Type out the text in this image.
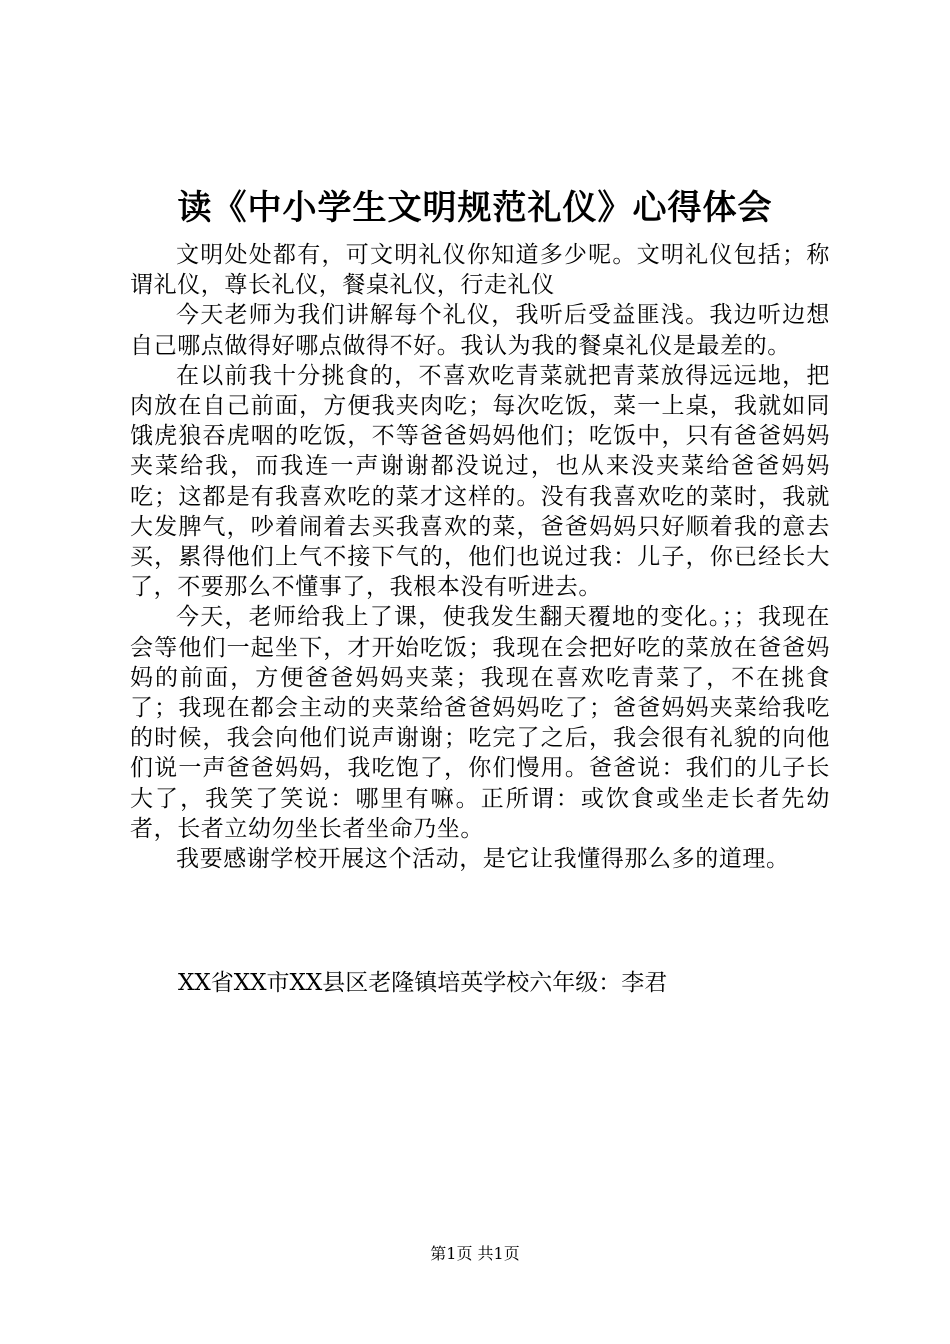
读《中小学生文明规范礼仪》心得体会

文明处处都有，可文明礼仪你知道多少呢。文明礼仪包括；称谓礼仪，尊长礼仪，餐桌礼仪，行走礼仪

今天老师为我们讲解每个礼仪，我听后受益匪浅。我边听边想自己哪点做得好哪点做得不好。我认为我的餐桌礼仪是最差的。

在以前我十分挑食的，不喜欢吃青菜就把青菜放得远远地，把肉放在自己前面，方便我夹肉吃；每次吃饭，菜一上桌，我就如同饿虎狼吞虎咽的吃饭，不等爸爸妈妈他们；吃饭中，只有爸爸妈妈夹菜给我，而我连一声谢谢都没说过，也从来没夹菜给爸爸妈妈吃；这都是有我喜欢吃的菜才这样的。没有我喜欢吃的菜时，我就大发脾气，吵着闹着去买我喜欢的菜，爸爸妈妈只好顺着我的意去买，累得他们上气不接下气的，他们也说过我：儿子，你已经长大了，不要那么不懂事了，我根本没有听进去。

今天，老师给我上了课，使我发生翻天覆地的变化。；；我现在会等他们一起坐下，才开始吃饭；我现在会把好吃的菜放在爸爸妈妈的前面，方便爸爸妈妈夹菜；我现在喜欢吃青菜了，不在挑食了；我现在都会主动的夹菜给爸爸妈妈吃了；爸爸妈妈夹菜给我吃的时候，我会向他们说声谢谢；吃完了之后，我会很有礼貌的向他们说一声爸爸妈妈，我吃饱了，你们慢用。爸爸说：我们的儿子长大了，我笑了笑说：哪里有嘛。正所谓：或饮食或坐走长者先幼者，长者立幼勿坐长者坐命乃坐。

我要感谢学校开展这个活动，是它让我懂得那么多的道理。

XX省XX市XX县区老隆镇培英学校六年级：李君
第1页 共1页
